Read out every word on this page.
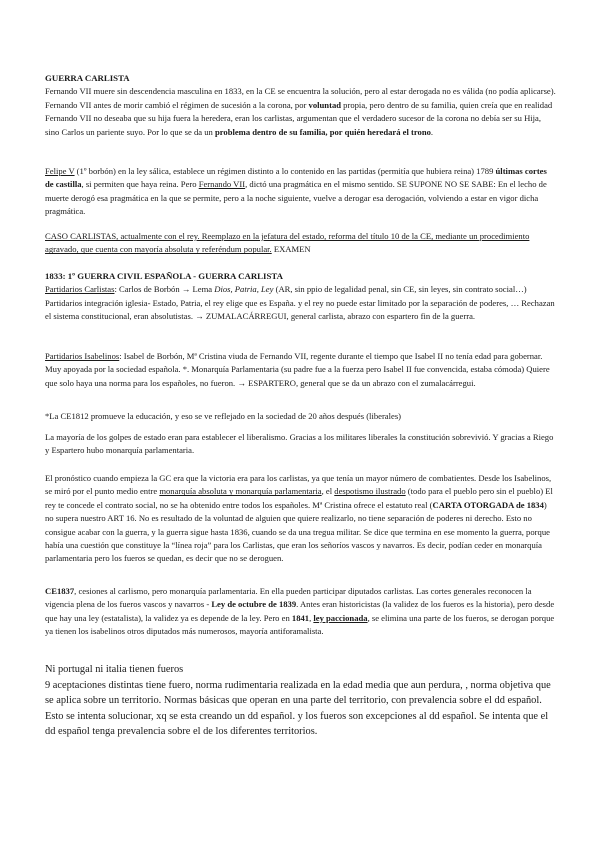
GUERRA CARLISTA
Fernando VII muere sin descendencia masculina en 1833, en la CE se encuentra la solución, pero al estar derogada no es válida (no podía aplicarse). Fernando VII antes de morir cambió el régimen de sucesión a la corona, por voluntad propia, pero dentro de su familia, quien creía que en realidad Fernando VII no deseaba que su hija fuera la heredera, eran los carlistas, argumentan que el verdadero sucesor de la corona no debía ser su Hija, sino Carlos un pariente suyo. Por lo que se da un problema dentro de su familia, por quién heredará el trono.

Felipe V (1º borbón) en la ley sálica, establece un régimen distinto a lo contenido en las partidas (permitía que hubiera reina) 1789 últimas cortes de castilla, si permiten que haya reina. Pero Fernando VII, dictó una pragmática en el mismo sentido. SE SUPONE NO SE SABE: En el lecho de muerte derogó esa pragmática en la que se permite, pero a la noche siguiente, vuelve a derogar esa derogación, volviendo a estar en vigor dicha pragmática.

CASO CARLISTAS, actualmente con el rey. Reemplazo en la jefatura del estado, reforma del título 10 de la CE, mediante un procedimiento agravado, que cuenta con mayoría absoluta y referéndum popular. EXAMEN

1833: 1º GUERRA CIVIL ESPAÑOLA - GUERRA CARLISTA
Partidarios Carlistas: Carlos de Borbón → Lema Dios, Patria, Ley (AR, sin ppio de legalidad penal, sin CE, sin leyes, sin contrato social…) Partidarios integración iglesia- Estado, Patria, el rey elige que es España. y el rey no puede estar limitado por la separación de poderes, … Rechazan el sistema constitucional, eran absolutistas. → ZUMALACÁRREGUI, general carlista, abrazo con espartero fin de la guerra.

Partidarios Isabelinos: Isabel de Borbón, Mª Cristina viuda de Fernando VII, regente durante el tiempo que Isabel II no tenía edad para gobernar. Muy apoyada por la sociedad española. *. Monarquía Parlamentaria (su padre fue a la fuerza pero Isabel II fue convencida, estaba cómoda) Quiere que solo haya una norma para los españoles, no fueron. → ESPARTERO, general que se da un abrazo con el zumalacárregui.

*La CE1812 promueve la educación, y eso se ve reflejado en la sociedad de 20 años después (liberales)

La mayoría de los golpes de estado eran para establecer el liberalismo. Gracias a los militares liberales la constitución sobrevivió. Y gracias a Riego y Espartero hubo monarquía parlamentaria.

El pronóstico cuando empieza la GC era que la victoria era para los carlistas, ya que tenía un mayor número de combatientes. Desde los Isabelinos, se miró por el punto medio entre monarquía absoluta y monarquía parlamentaria, el despotismo ilustrado (todo para el pueblo pero sin el pueblo) El rey te concede el contrato social, no se ha obtenido entre todos los españoles. Mª Cristina ofrece el estatuto real (CARTA OTORGADA de 1834) no supera nuestro ART 16. No es resultado de la voluntad de alguien que quiere realizarlo, no tiene separación de poderes ni derecho. Esto no consigue acabar con la guerra, y la guerra sigue hasta 1836, cuando se da una tregua militar. Se dice que termina en ese momento la guerra, porque había una cuestión que constituye la “línea roja” para los Carlistas, que eran los señoríos vascos y navarros. Es decir, podían ceder en monarquía parlamentaria pero los fueros se quedan, es decir que no se deroguen.

CE1837, cesiones al carlismo, pero monarquía parlamentaria. En ella pueden participar diputados carlistas. Las cortes generales reconocen la vigencia plena de los fueros vascos y navarros - Ley de octubre de 1839. Antes eran historicistas (la validez de los fueros es la historia), pero desde que hay una ley (estatalista), la validez ya es depende de la ley. Pero en 1841, ley paccionada, se elimina una parte de los fueros, se derogan porque ya tienen los isabelinos otros diputados más numerosos, mayoría antiforamalista.

Ni portugal ni italia tienen fueros
9 aceptaciones distintas tiene fuero, norma rudimentaria realizada en la edad media que aun perdura, , norma objetiva que se aplica sobre un territorio. Normas básicas que operan en una parte del territorio, con prevalencia sobre el dd español. Esto se intenta solucionar, xq se esta creando un dd español. y los fueros son excepciones al dd español. Se intenta que el dd español tenga prevalencia sobre el de los diferentes territorios.
